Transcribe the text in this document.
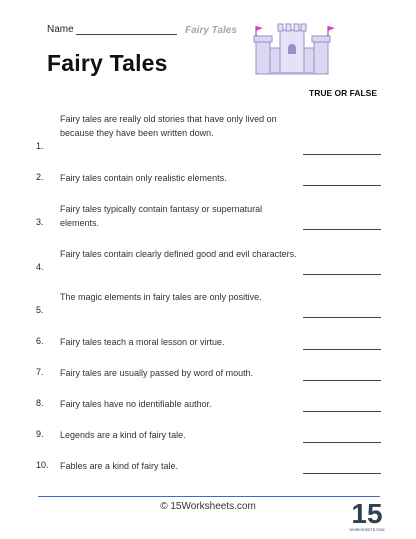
Name	Fairy Tales
Fairy Tales
TRUE OR FALSE
1.
Fairy tales are really old stories that have only lived on because they have been written down.
2. Fairy tales contain only realistic elements.
3.
Fairy tales typically contain fantasy or supernatural elements.
4.
Fairy tales contain clearly defined good and evil characters.
5.
The magic elements in fairy tales are only positive.
6. Fairy tales teach a moral lesson or virtue.
7. Fairy tales are usually passed by word of mouth.
8. Fairy tales have no identifiable author.
9. Legends are a kind of fairy tale.
10. Fables are a kind of fairy tale.
© 15Worksheets.com	15
WORKSHEETS.COM
